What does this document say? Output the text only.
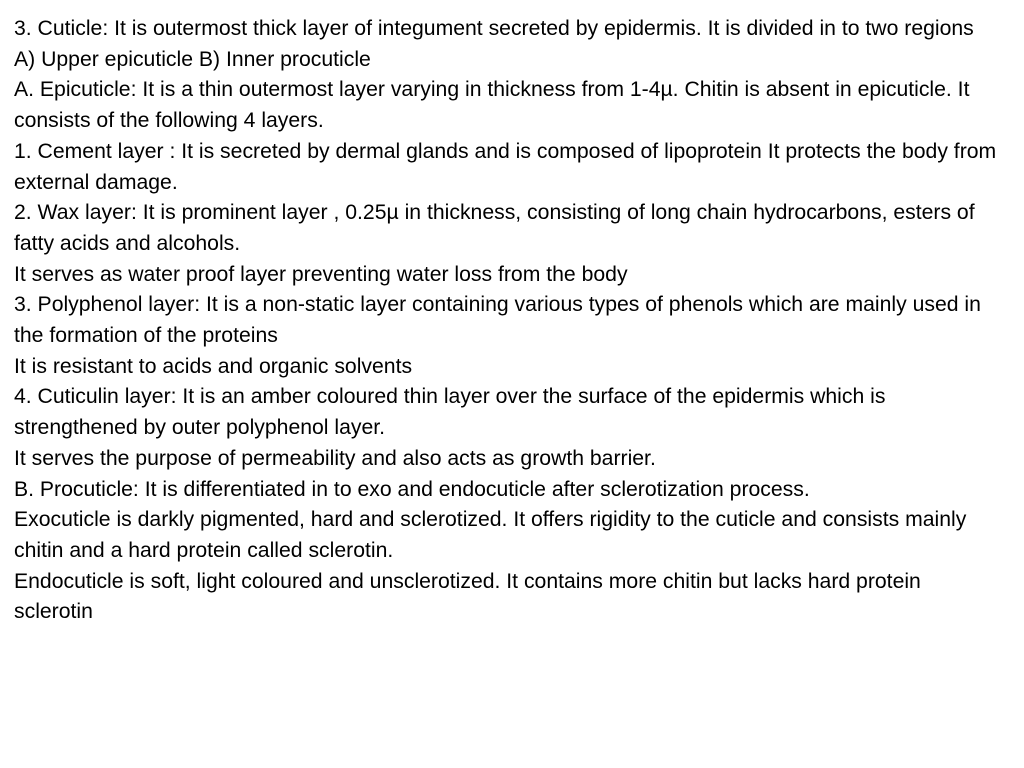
3. Cuticle: It is outermost thick layer of integument secreted by epidermis. It is divided in to two regions

A) Upper epicuticle B) Inner procuticle

A. Epicuticle: It is a thin outermost layer varying in thickness from 1-4µ. Chitin is absent in epicuticle. It consists of the following 4 layers.

1. Cement layer : It is secreted by dermal glands and is composed of lipoprotein It protects the body from external damage.

2. Wax layer: It is prominent layer , 0.25µ in thickness, consisting of long chain hydrocarbons, esters of fatty acids and alcohols.

It serves as water proof layer preventing water loss from the body

3. Polyphenol layer: It is a non-static layer containing various types of phenols which are mainly used in the formation of the proteins

It is resistant to acids and organic solvents

4. Cuticulin layer: It is an amber coloured thin layer over the surface of the epidermis which is strengthened by outer polyphenol layer.

It serves the purpose of permeability and also acts as growth barrier.

B. Procuticle: It is differentiated in to exo and endocuticle after sclerotization process.

Exocuticle is darkly pigmented, hard and sclerotized. It offers rigidity to the cuticle and consists mainly chitin and a hard protein called sclerotin.

Endocuticle is soft, light coloured and unsclerotized. It contains more chitin but lacks hard protein sclerotin
